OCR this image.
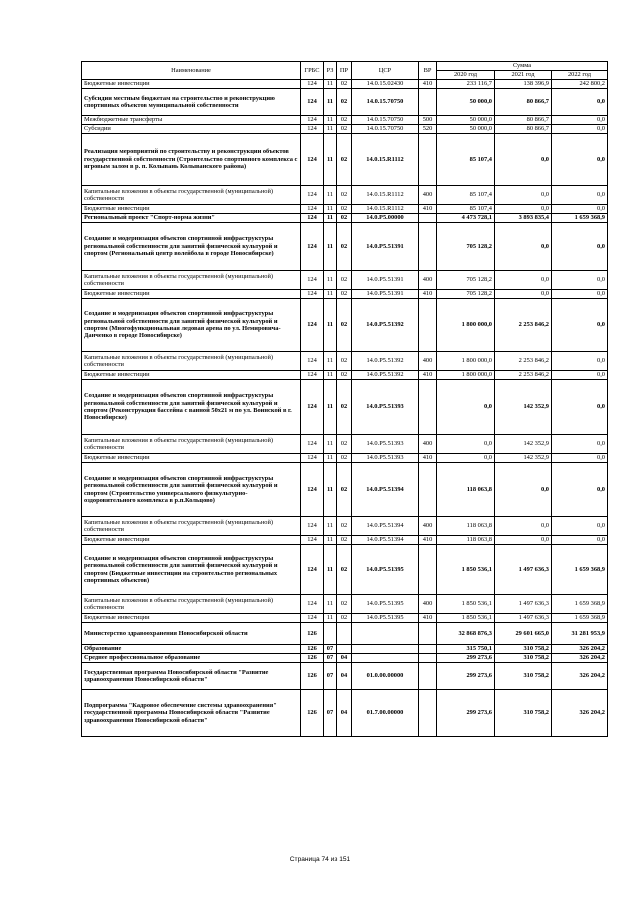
Наименование	ГРБС	РЗ	ПР	ЦСР	ВР	Сумма		
						2020 год	2021 год	2022 год
Бюджетные инвестиции	124	11	02	14.0.15.02430	410	233 116,7	138 396,9	242 800,2
Субсидии местным бюджетам на строительство и реконструкцию спортивных объектов муниципальной собственности	124	11	02	14.0.15.70750		50 000,0	80 866,7	0,0
Межбюджетные трансферты	124	11	02	14.0.15.70750	500	50 000,0	80 866,7	0,0
Субсидии	124	11	02	14.0.15.70750	520	50 000,0	80 866,7	0,0
Реализация мероприятий по строительству и реконструкции объектов государственной собственности (Строительство спортивного комплекса с игровым залом в р. п. Колывань Колыванского района)	124	11	02	14.0.15.R1112		85 107,4	0,0	0,0
Капитальные вложения в объекты государственной (муниципальной) собственности	124	11	02	14.0.15.R1112	400	85 107,4	0,0	0,0
Бюджетные инвестиции	124	11	02	14.0.15.R1112	410	85 107,4	0,0	0,0
Региональный проект "Спорт-норма жизни"	124	11	02	14.0.P5.00000		4 473 728,1	3 893 835,4	1 659 368,9
Создание и модернизация объектов спортивной инфраструктуры региональной собственности для занятий физической культурой и спортом (Региональный центр волейбола в городе Новосибирске)	124	11	02	14.0.P5.51391		705 128,2	0,0	0,0
Капитальные вложения в объекты государственной (муниципальной) собственности	124	11	02	14.0.P5.51391	400	705 128,2	0,0	0,0
Бюджетные инвестиции	124	11	02	14.0.P5.51391	410	705 128,2	0,0	0,0
Создание и модернизация объектов спортивной инфраструктуры региональной собственности для занятий физической культурой и спортом (Многофункциональная ледовая арена по ул. Немировича-Данченко в городе Новосибирске)	124	11	02	14.0.P5.51392		1 800 000,0	2 253 846,2	0,0
Капитальные вложения в объекты государственной (муниципальной) собственности	124	11	02	14.0.P5.51392	400	1 800 000,0	2 253 846,2	0,0
Бюджетные инвестиции	124	11	02	14.0.P5.51392	410	1 800 000,0	2 253 846,2	0,0
Создание и модернизация объектов спортивной инфраструктуры региональной собственности для занятий физической культурой и спортом (Реконструкция бассейна с ванной 50х21 м по ул. Воинской в г. Новосибирске)	124	11	02	14.0.P5.51393		0,0	142 352,9	0,0
Капитальные вложения в объекты государственной (муниципальной) собственности	124	11	02	14.0.P5.51393	400	0,0	142 352,9	0,0
Бюджетные инвестиции	124	11	02	14.0.P5.51393	410	0,0	142 352,9	0,0
Создание и модернизация объектов спортивной инфраструктуры региональной собственности для занятий физической культурой и спортом (Строительство универсального физкультурно-оздоровительного комплекса в р.п.Кольцово)	124	11	02	14.0.P5.51394		118 063,8	0,0	0,0
Капитальные вложения в объекты государственной (муниципальной) собственности	124	11	02	14.0.P5.51394	400	118 063,8	0,0	0,0
Бюджетные инвестиции	124	11	02	14.0.P5.51394	410	118 063,8	0,0	0,0
Создание и модернизация объектов спортивной инфраструктуры региональной собственности для занятий физической культурой и спортом (Бюджетные инвестиции на строительство региональных спортивных объектов)	124	11	02	14.0.P5.51395		1 850 536,1	1 497 636,3	1 659 368,9
Капитальные вложения в объекты государственной (муниципальной) собственности	124	11	02	14.0.P5.51395	400	1 850 536,1	1 497 636,3	1 659 368,9
Бюджетные инвестиции	124	11	02	14.0.P5.51395	410	1 850 536,1	1 497 636,3	1 659 368,9
Министерство здравоохранения Новосибирской области	126					32 868 876,3	29 601 665,0	31 281 953,9
Образование	126	07				315 750,1	310 758,2	326 204,2
Среднее профессиональное образование	126	07	04			299 273,6	310 758,2	326 204,2
Государственная программа Новосибирской области "Развитие здравоохранения Новосибирской области"	126	07	04	01.0.00.00000		299 273,6	310 758,2	326 204,2
Подпрограмма "Кадровое обеспечение системы здравоохранения" государственной программы Новосибирской области "Развитие здравоохранения Новосибирской области"	126	07	04	01.7.00.00000		299 273,6	310 758,2	326 204,2
Страница 74 из 151
